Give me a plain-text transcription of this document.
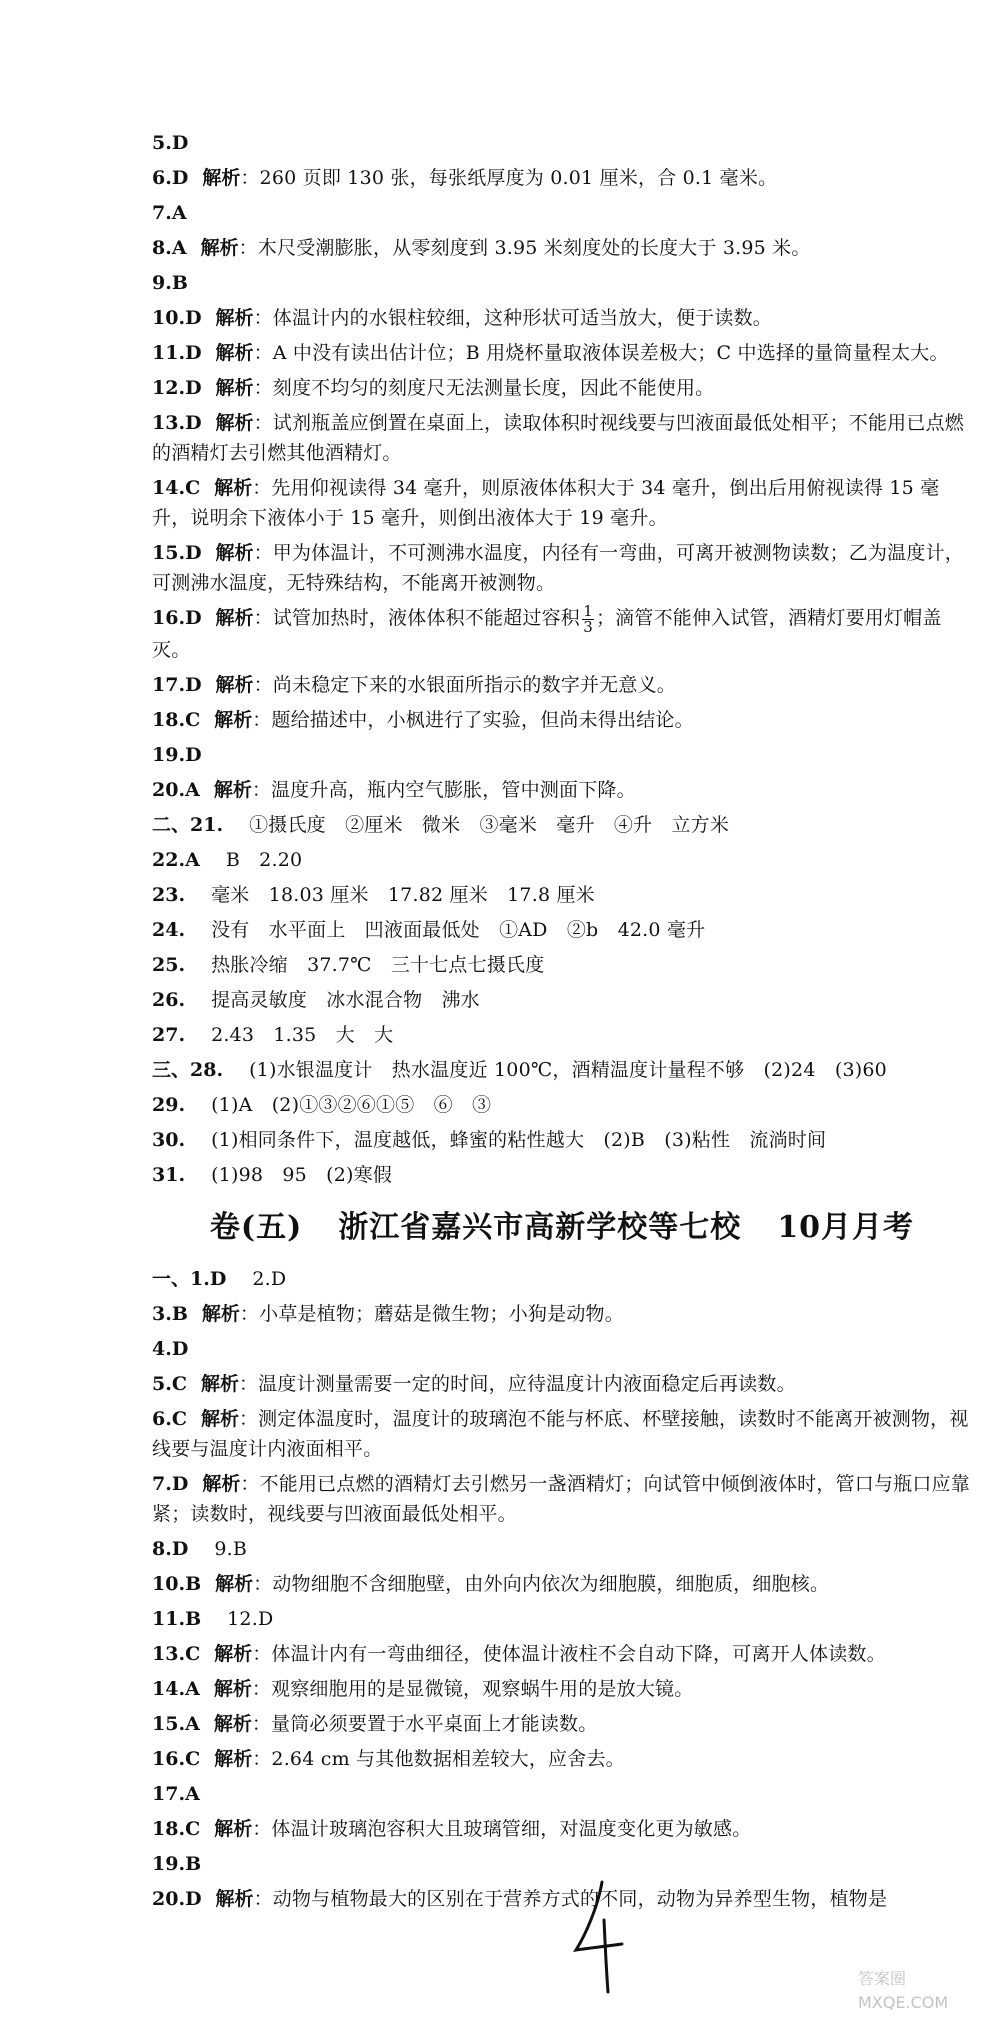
5.D
6.D 解析：260 页即 130 张，每张纸厚度为 0.01 厘米，合 0.1 毫米。
7.A
8.A 解析：木尺受潮膨胀，从零刻度到 3.95 米刻度处的长度大于 3.95 米。
9.B
10.D 解析：体温计内的水银柱较细，这种形状可适当放大，便于读数。
11.D 解析：A 中没有读出估计位；B 用烧杯量取液体误差极大；C 中选择的量筒量程太大。
12.D 解析：刻度不均匀的刻度尺无法测量长度，因此不能使用。
13.D 解析：试剂瓶盖应倒置在桌面上，读取体积时视线要与凹液面最低处相平；不能用已点燃的酒精灯去引燃其他酒精灯。
14.C 解析：先用仰视读得 34 毫升，则原液体体积大于 34 毫升，倒出后用俯视读得 15 毫升，说明余下液体小于 15 毫升，则倒出液体大于 19 毫升。
15.D 解析：甲为体温计，不可测沸水温度，内径有一弯曲，可离开被测物读数；乙为温度计，可测沸水温度，无特殊结构，不能离开被测物。
16.D 解析：试管加热时，液体体积不能超过容积 $\frac{1}{3}$ ；滴管不能伸入试管，酒精灯要用灯帽盖灭。
17.D 解析：尚未稳定下来的水银面所指示的数字并无意义。
18.C 解析：题给描述中，小枫进行了实验，但尚未得出结论。
19.D
20.A 解析：温度升高，瓶内空气膨胀，管中测面下降。
二、21. ①摄氏度　②厘米　微米　③毫米　毫升　④升　立方米
22.A B　2.20
23. 毫米　18.03 厘米　17.82 厘米　17.8 厘米
24. 没有　水平面上　凹液面最低处　①AD　②b　42.0 毫升
25. 热胀冷缩　37.7℃　三十七点七摄氏度
26. 提高灵敏度　冰水混合物　沸水
27. 2.43　1.35　大　大
三、28. (1)水银温度计　热水温度近 100℃，酒精温度计量程不够　(2)24　(3)60
29. (1)A　(2)①③②⑥①⑤　⑥　③
30. (1)相同条件下，温度越低，蜂蜜的粘性越大　(2)B　(3)粘性　流淌时间
31. (1)98　95　(2)寒假
卷(五) 浙江省嘉兴市高新学校等七校 10月月考
一、1.D 2.D
3.B 解析：小草是植物；蘑菇是微生物；小狗是动物。
4.D
5.C 解析：温度计测量需要一定的时间，应待温度计内液面稳定后再读数。
6.C 解析：测定体温度时，温度计的玻璃泡不能与杯底、杯壁接触，读数时不能离开被测物，视线要与温度计内液面相平。
7.D 解析：不能用已点燃的酒精灯去引燃另一盏酒精灯；向试管中倾倒液体时，管口与瓶口应靠紧；读数时，视线要与凹液面最低处相平。
8.D 9.B
10.B 解析：动物细胞不含细胞壁，由外向内依次为细胞膜，细胞质，细胞核。
11.B 12.D
13.C 解析：体温计内有一弯曲细径，使体温计液柱不会自动下降，可离开人体读数。
14.A 解析：观察细胞用的是显微镜，观察蜗牛用的是放大镜。
15.A 解析：量筒必须要置于水平桌面上才能读数。
16.C 解析：2.64 cm 与其他数据相差较大，应舍去。
17.A
18.C 解析：体温计玻璃泡容积大且玻璃管细，对温度变化更为敏感。
19.B
20.D 解析：动物与植物最大的区别在于营养方式的不同，动物为异养型生物，植物是
答案圈
MXQE.COM
